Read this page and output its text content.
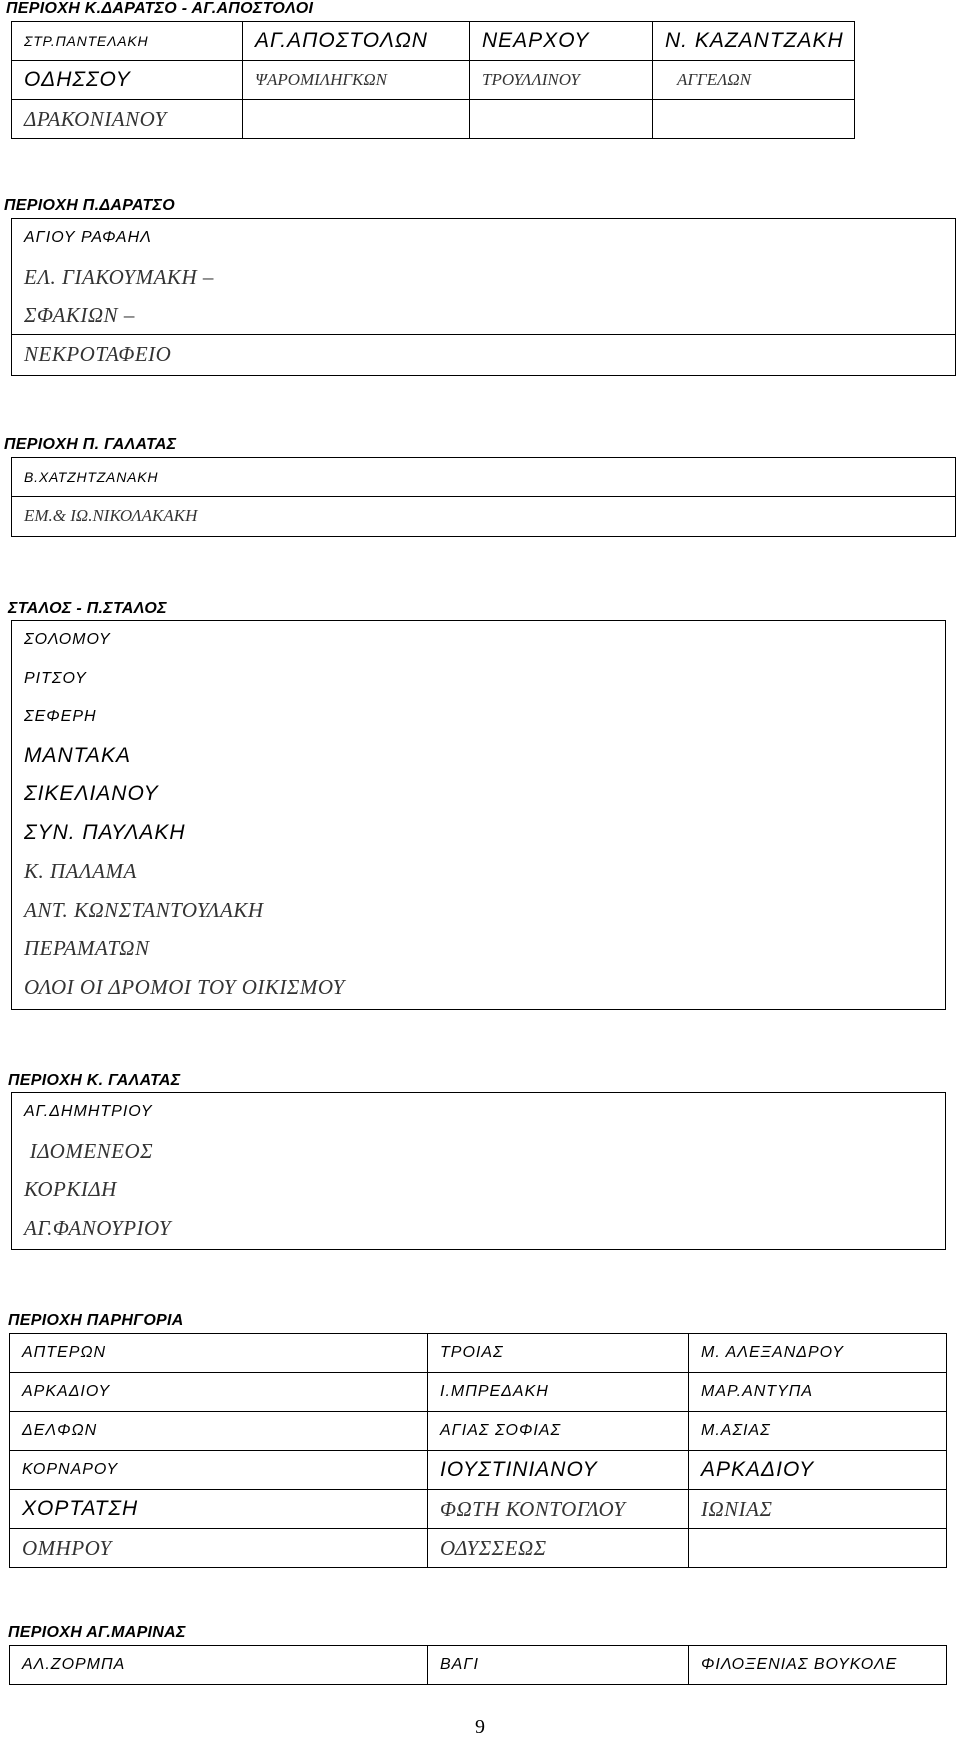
ΠΕΡΙΟΧΗ Κ.ΔΑΡΑΤΣΟ - ΑΓ.ΑΠΟΣΤΟΛΟΙ
ΣΤΡ.ΠΑΝΤΕΛΑΚΗ	ΑΓ.ΑΠΟΣΤΟΛΩΝ	ΝΕΑΡΧΟΥ	Ν. ΚΑΖΑΝΤΖΑΚΗ
ΟΔΗΣΣΟΥ	ΨΑΡΟΜΙΛΗΓΚΩΝ	ΤΡΟΥΛΛΙΝΟΥ	ΑΓΓΕΛΩΝ
ΔΡΑΚΟΝΙΑΝΟΥ			
ΠΕΡΙΟΧΗ Π.ΔΑΡΑΤΣΟ
ΑΓΙΟΥ ΡΑΦΑΗΛ
ΕΛ. ΓΙΑΚΟΥΜΑΚΗ –
ΣΦΑΚΙΩΝ –
ΝΕΚΡΟΤΑΦΕΙΟ
ΠΕΡΙΟΧΗ Π. ΓΑΛΑΤΑΣ
Β.ΧΑΤΖΗΤΖΑΝΑΚΗ
ΕΜ.& ΙΩ.ΝΙΚΟΛΑΚΑΚΗ
ΣΤΑΛΟΣ - Π.ΣΤΑΛΟΣ
ΣΟΛΟΜΟΥ
ΡΙΤΣΟΥ
ΣΕΦΕΡΗ
ΜΑΝΤΑΚΑ
ΣΙΚΕΛΙΑΝΟΥ
ΣΥΝ. ΠΑΥΛΑΚΗ
Κ. ΠΑΛΑΜΑ
ΑΝΤ. ΚΩΝΣΤΑΝΤΟΥΛΑΚΗ
ΠΕΡΑΜΑΤΩΝ
ΟΛΟΙ ΟΙ ΔΡΟΜΟΙ ΤΟΥ ΟΙΚΙΣΜΟΥ
ΠΕΡΙΟΧΗ Κ. ΓΑΛΑΤΑΣ
ΑΓ.ΔΗΜΗΤΡΙΟΥ
ΙΔΟΜΕΝΕΟΣ
ΚΟΡΚΙΔΗ
ΑΓ.ΦΑΝΟΥΡΙΟΥ
ΠΕΡΙΟΧΗ ΠΑΡΗΓΟΡΙΑ
ΑΠΤΕΡΩΝ	ΤΡΟΙΑΣ	Μ. ΑΛΕΞΑΝΔΡΟΥ
ΑΡΚΑΔΙΟΥ	Ι.ΜΠΡΕΔΑΚΗ	ΜΑΡ.ΑΝΤΥΠΑ
ΔΕΛΦΩΝ	ΑΓΙΑΣ ΣΟΦΙΑΣ	Μ.ΑΣΙΑΣ
ΚΟΡΝΑΡΟΥ	ΙΟΥΣΤΙΝΙΑΝΟΥ	ΑΡΚΑΔΙΟΥ
ΧΟΡΤΑΤΣΗ	ΦΩΤΗ ΚΟΝΤΟΓΛΟΥ	ΙΩΝΙΑΣ
ΟΜΗΡΟΥ	ΟΔΥΣΣΕΩΣ	
ΠΕΡΙΟΧΗ ΑΓ.ΜΑΡΙΝΑΣ
ΑΛ.ΖΟΡΜΠΑ	ΒΑΓΙ	ΦΙΛΟΞΕΝΙΑΣ ΒΟΥΚΟΛΕ
9
